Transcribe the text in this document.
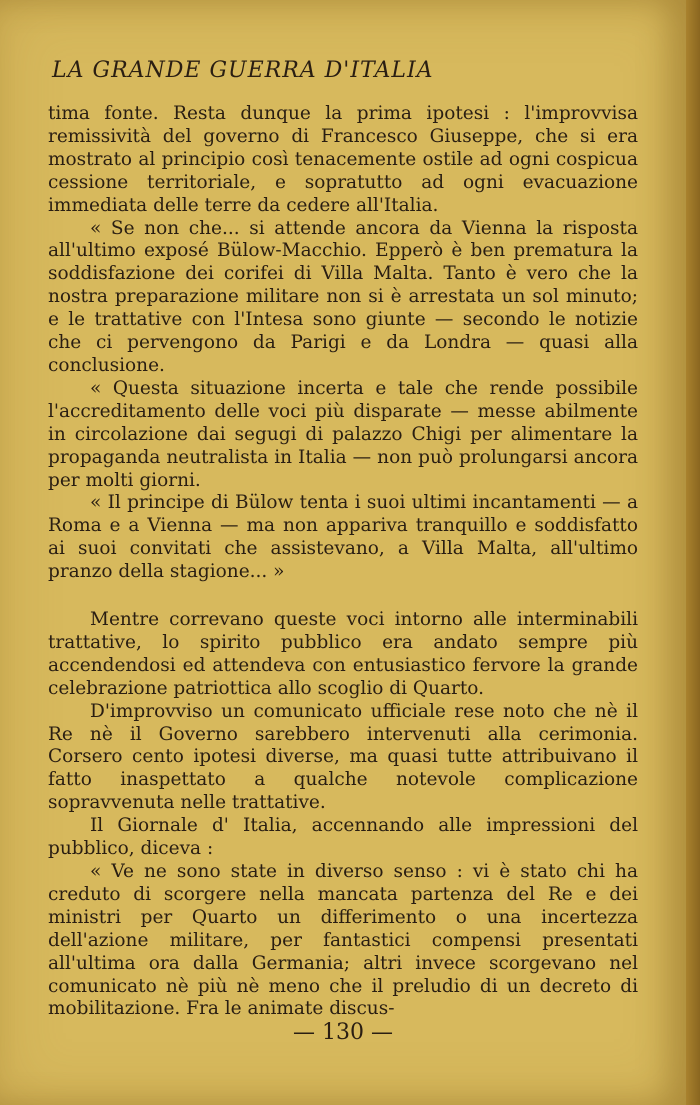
LA GRANDE GUERRA D'ITALIA

tima fonte. Resta dunque la prima ipotesi : l'improvvisa remissività del governo di Francesco Giuseppe, che si era mostrato al principio così tenacemente ostile ad ogni cospicua cessione territoriale, e sopratutto ad ogni evacuazione immediata delle terre da cedere all'Italia.

« Se non che... si attende ancora da Vienna la risposta all'ultimo exposé Bülow-Macchio. Epperò è ben prematura la soddisfazione dei corifei di Villa Malta. Tanto è vero che la nostra preparazione militare non si è arrestata un sol minuto; e le trattative con l'Intesa sono giunte — secondo le notizie che ci pervengono da Parigi e da Londra — quasi alla conclusione.

« Questa situazione incerta e tale che rende possibile l'accreditamento delle voci più disparate — messe abilmente in circolazione dai segugi di palazzo Chigi per alimentare la propaganda neutralista in Italia — non può prolungarsi ancora per molti giorni.

« Il principe di Bülow tenta i suoi ultimi incantamenti — a Roma e a Vienna — ma non appariva tranquillo e soddisfatto ai suoi convitati che assistevano, a Villa Malta, all'ultimo pranzo della stagione... »

Mentre correvano queste voci intorno alle interminabili trattative, lo spirito pubblico era andato sempre più accendendosi ed attendeva con entusiastico fervore la grande celebrazione patriottica allo scoglio di Quarto.

D'improvviso un comunicato ufficiale rese noto che nè il Re nè il Governo sarebbero intervenuti alla cerimonia. Corsero cento ipotesi diverse, ma quasi tutte attribuivano il fatto inaspettato a qualche notevole complicazione sopravvenuta nelle trattative.

Il Giornale d' Italia, accennando alle impressioni del pubblico, diceva :

« Ve ne sono state in diverso senso : vi è stato chi ha creduto di scorgere nella mancata partenza del Re e dei ministri per Quarto un differimento o una incertezza dell'azione militare, per fantastici compensi presentati all'ultima ora dalla Germania; altri invece scorgevano nel comunicato nè più nè meno che il preludio di un decreto di mobilitazione. Fra le animate discus-

— 130 —
